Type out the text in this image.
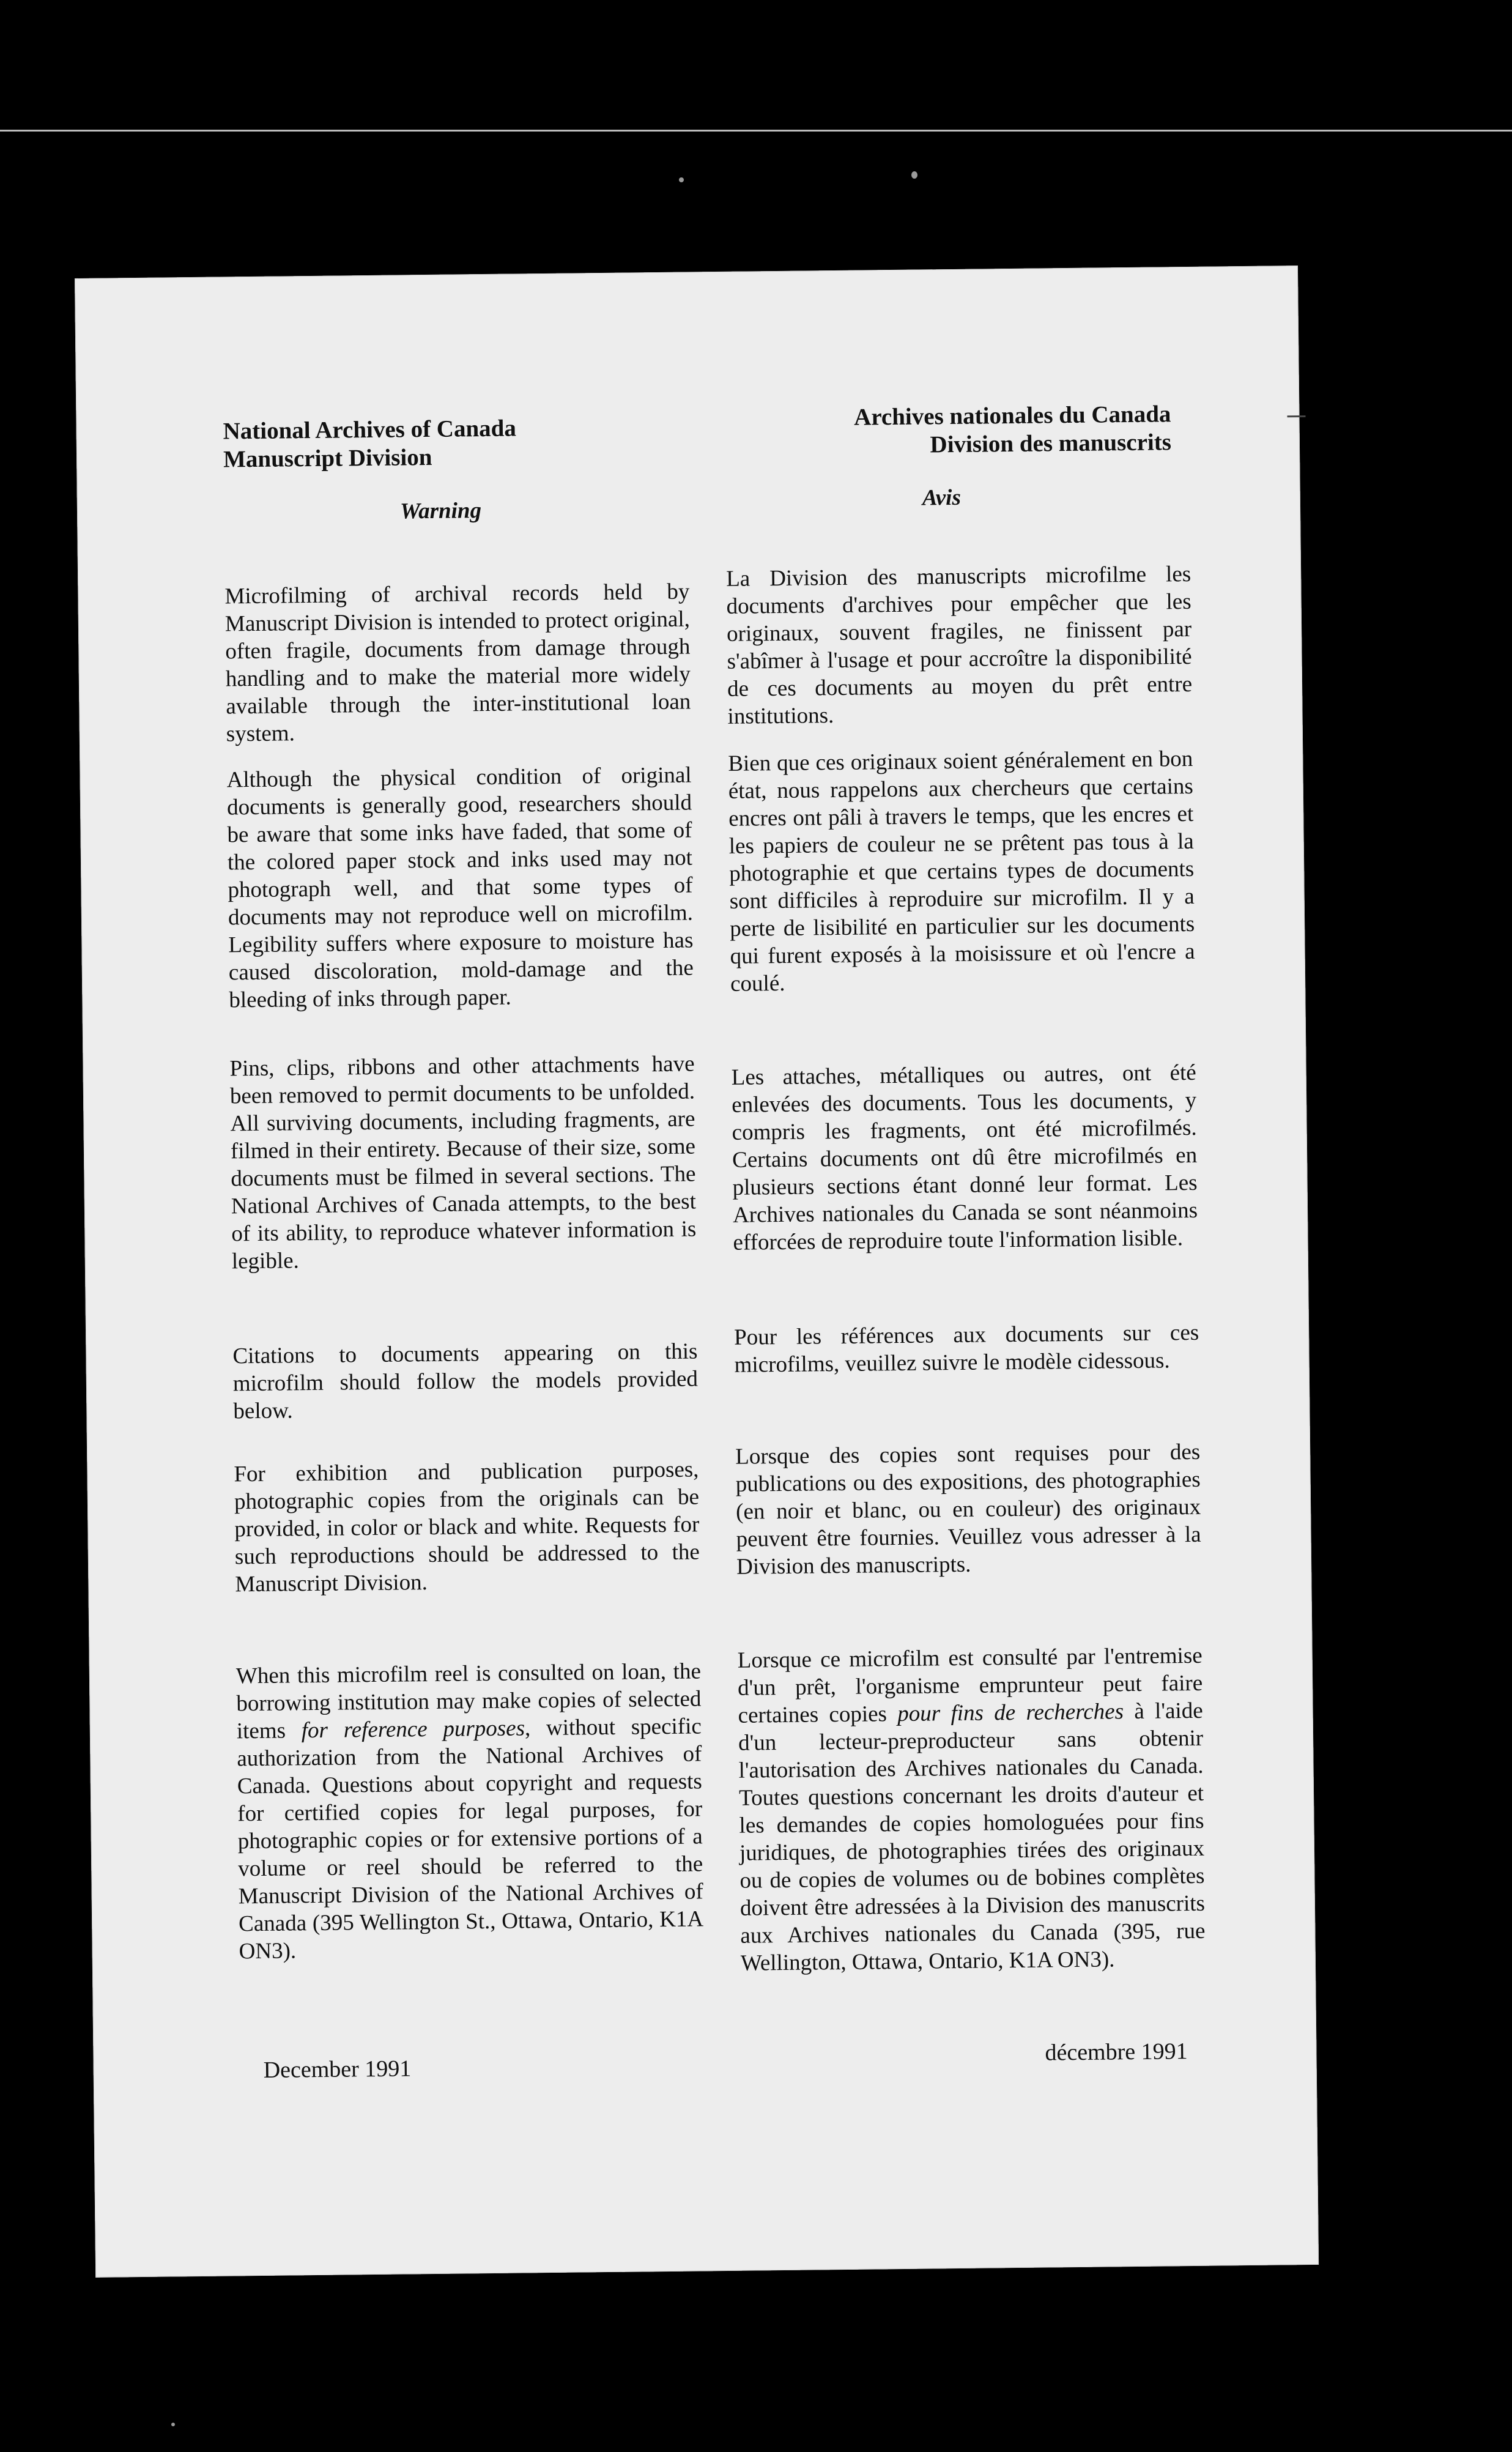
National Archives of Canada
Manuscript Division
Warning
Archives nationales du Canada
Division des manuscrits
Avis

Microfilming of archival records held by Manuscript Division is intended to protect original, often fragile, documents from damage through handling and to make the material more widely available through the inter-institutional loan system.

Although the physical condition of original documents is generally good, researchers should be aware that some inks have faded, that some of the colored paper stock and inks used may not photograph well, and that some types of documents may not reproduce well on microfilm. Legibility suffers where exposure to moisture has caused discoloration, mold-damage and the bleeding of inks through paper.

Pins, clips, ribbons and other attachments have been removed to permit documents to be unfolded. All surviving documents, including fragments, are filmed in their entirety. Because of their size, some documents must be filmed in several sections. The National Archives of Canada attempts, to the best of its ability, to reproduce whatever information is legible.

Citations to documents appearing on this microfilm should follow the models provided below.

For exhibition and publication purposes, photographic copies from the originals can be provided, in color or black and white. Requests for such reproductions should be addressed to the Manuscript Division.

When this microfilm reel is consulted on loan, the borrowing institution may make copies of selected items for reference purposes, without specific authorization from the National Archives of Canada. Questions about copyright and requests for certified copies for legal purposes, for photographic copies or for extensive portions of a volume or reel should be referred to the Manuscript Division of the National Archives of Canada (395 Wellington St., Ottawa, Ontario, K1A ON3).

La Division des manuscripts microfilme les documents d'archives pour empêcher que les originaux, souvent fragiles, ne finissent par s'abîmer à l'usage et pour accroître la disponibilité de ces documents au moyen du prêt entre institutions.

Bien que ces originaux soient généralement en bon état, nous rappelons aux chercheurs que certains encres ont pâli à travers le temps, que les encres et les papiers de couleur ne se prêtent pas tous à la photographie et que certains types de documents sont difficiles à reproduire sur microfilm. Il y a perte de lisibilité en particulier sur les documents qui furent exposés à la moisissure et où l'encre a coulé.

Les attaches, métalliques ou autres, ont été enlevées des documents. Tous les documents, y compris les fragments, ont été microfilmés. Certains documents ont dû être microfilmés en plusieurs sections étant donné leur format. Les Archives nationales du Canada se sont néanmoins efforcées de reproduire toute l'information lisible.

Pour les références aux documents sur ces microfilms, veuillez suivre le modèle cidessous.

Lorsque des copies sont requises pour des publications ou des expositions, des photographies (en noir et blanc, ou en couleur) des originaux peuvent être fournies. Veuillez vous adresser à la Division des manuscripts.

Lorsque ce microfilm est consulté par l'entremise d'un prêt, l'organisme emprunteur peut faire certaines copies pour fins de recherches à l'aide d'un lecteur-preproducteur sans obtenir l'autorisation des Archives nationales du Canada. Toutes questions concernant les droits d'auteur et les demandes de copies homologuées pour fins juridiques, de photographies tirées des originaux ou de copies de volumes ou de bobines complètes doivent être adressées à la Division des manuscrits aux Archives nationales du Canada (395, rue Wellington, Ottawa, Ontario, K1A ON3).

December 1991
décembre 1991
